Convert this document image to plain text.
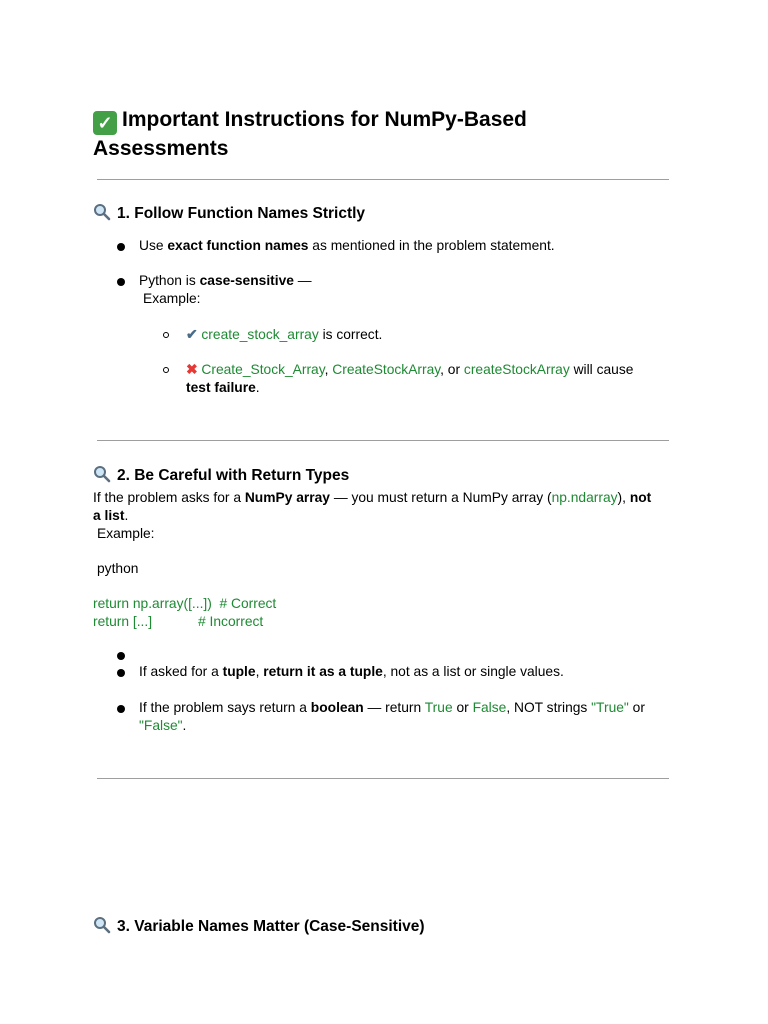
✓ Important Instructions for NumPy-Based Assessments
1. Follow Function Names Strictly

Use exact function names as mentioned in the problem statement.

Python is case-sensitive —

Example:

✔ create_stock_array is correct.

✖ Create_Stock_Array, CreateStockArray, or createStockArray will cause
test failure.

2. Be Careful with Return Types

If the problem asks for a NumPy array — you must return a NumPy array (np.ndarray), not
a list.

Example:

python

return np.array([...])  # Correct

return [...]            # Incorrect

If asked for a tuple, return it as a tuple, not as a list or single values.

If the problem says return a boolean — return True or False, NOT strings "True" or
"False".

3. Variable Names Matter (Case-Sensitive)
